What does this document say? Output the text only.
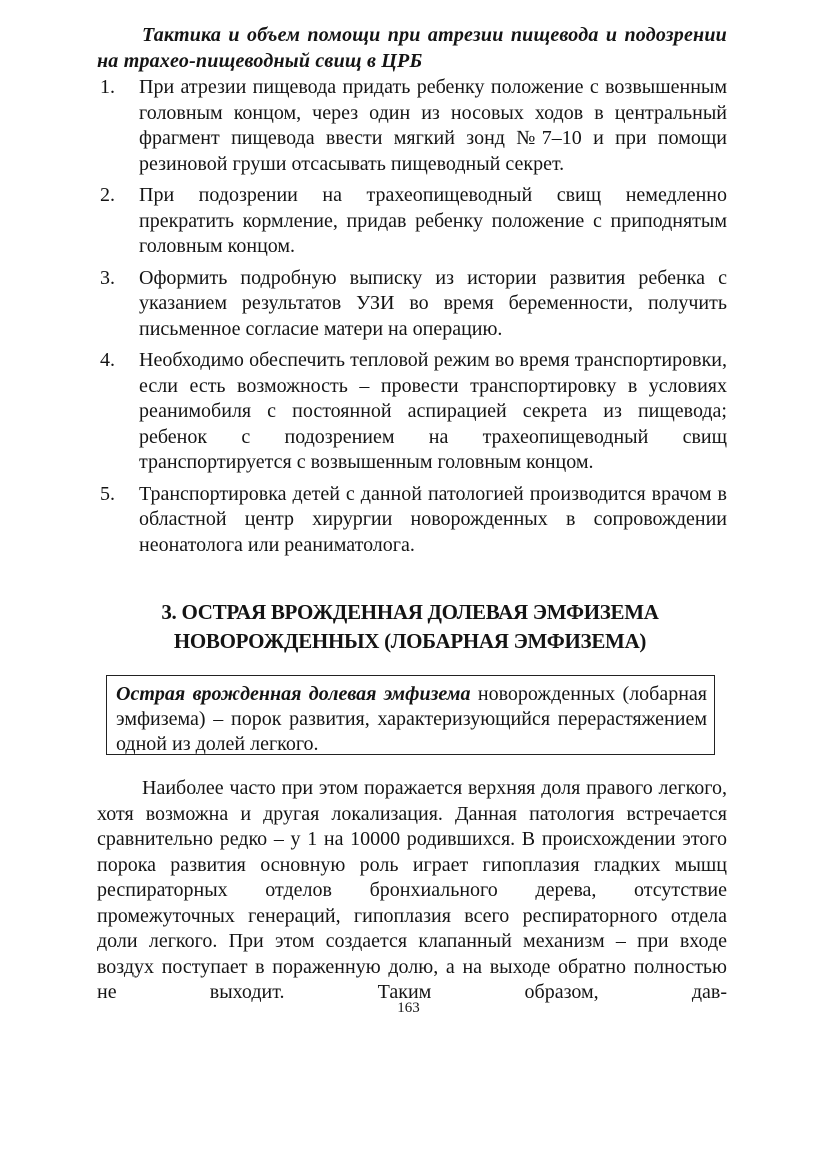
Тактика и объем помощи при атрезии пищевода и подозрении на трахео-пищеводный свищ в ЦРБ
1. При атрезии пищевода придать ребенку положение с возвышенным головным концом, через один из носовых ходов в центральный фрагмент пищевода ввести мягкий зонд №7–10 и при помощи резиновой груши отсасывать пищеводный секрет.
2. При подозрении на трахеопищеводный свищ немедленно прекратить кормление, придав ребенку положение с приподнятым головным концом.
3. Оформить подробную выписку из истории развития ребенка с указанием результатов УЗИ во время беременности, получить письменное согласие матери на операцию.
4. Необходимо обеспечить тепловой режим во время транспортировки, если есть возможность – провести транспортировку в условиях реанимобиля с постоянной аспирацией секрета из пищевода; ребенок с подозрением на трахеопищеводный свищ транспортируется с возвышенным головным концом.
5. Транспортировка детей с данной патологией производится врачом в областной центр хирургии новорожденных в сопровождении неонатолога или реаниматолога.
3. ОСТРАЯ ВРОЖДЕННАЯ ДОЛЕВАЯ ЭМФИЗЕМА
НОВОРОЖДЕННЫХ (ЛОБАРНАЯ ЭМФИЗЕМА)
Острая врожденная долевая эмфизема новорожденных (лобарная эмфизема) – порок развития, характеризующийся перерастяжением одной из долей легкого.

Наиболее часто при этом поражается верхняя доля правого легкого, хотя возможна и другая локализация. Данная патология встречается сравнительно редко – у 1 на 10000 родившихся. В происхождении этого порока развития основную роль играет гипоплазия гладких мышц респираторных отделов бронхиального дерева, отсутствие промежуточных генераций, гипоплазия всего респираторного отдела доли легкого. При этом создается клапанный механизм – при входе воздух поступает в пораженную долю, а на выходе обратно полностью не выходит. Таким образом, дав-

163
